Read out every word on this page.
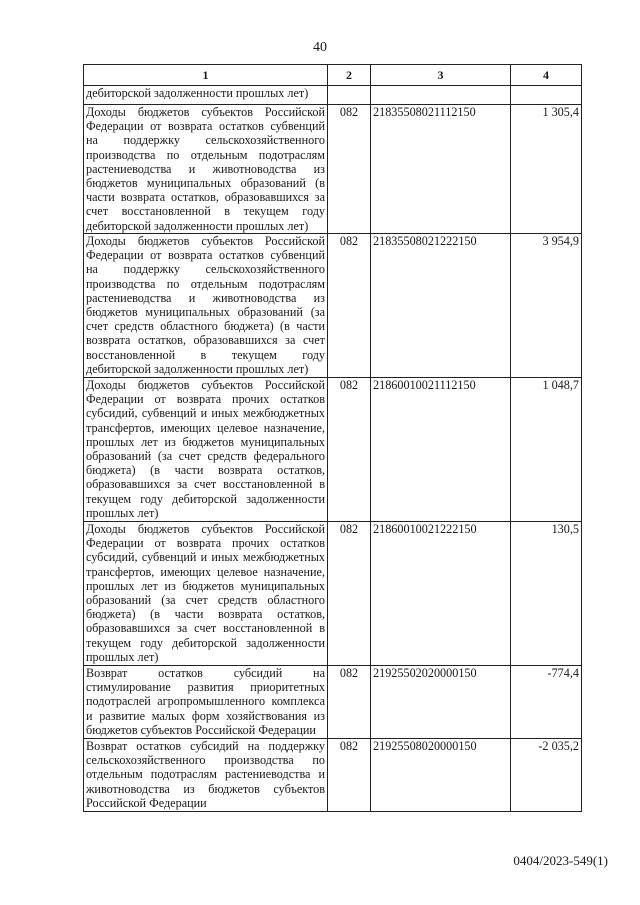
40
1	2	3	4
дебиторской задолженности прошлых лет)			
Доходы бюджетов субъектов Российской Федерации от возврата остатков субвенций на поддержку сельскохозяйственного производства по отдельным подотраслям растениеводства и животноводства из бюджетов муниципальных образований (в части возврата остатков, образовавшихся за счет восстановленной в текущем году дебиторской задолженности прошлых лет)	082	21835508021112150	1 305,4
Доходы бюджетов субъектов Российской Федерации от возврата остатков субвенций на поддержку сельскохозяйственного производства по отдельным подотраслям растениеводства и животноводства из бюджетов муниципальных образований (за счет средств областного бюджета) (в части возврата остатков, образовавшихся за счет восстановленной в текущем году дебиторской задолженности прошлых лет)	082	21835508021222150	3 954,9
Доходы бюджетов субъектов Российской Федерации от возврата прочих остатков субсидий, субвенций и иных межбюджетных трансфертов, имеющих целевое назначение, прошлых лет из бюджетов муниципальных образований (за счет средств федерального бюджета) (в части возврата остатков, образовавшихся за счет восстановленной в текущем году дебиторской задолженности прошлых лет)	082	21860010021112150	1 048,7
Доходы бюджетов субъектов Российской Федерации от возврата прочих остатков субсидий, субвенций и иных межбюджетных трансфертов, имеющих целевое назначение, прошлых лет из бюджетов муниципальных образований (за счет средств областного бюджета) (в части возврата остатков, образовавшихся за счет восстановленной в текущем году дебиторской задолженности прошлых лет)	082	21860010021222150	130,5
Возврат остатков субсидий на стимулирование развития приоритетных подотраслей агропромышленного комплекса и развитие малых форм хозяйствования из бюджетов субъектов Российской Федерации	082	21925502020000150	-774,4
Возврат остатков субсидий на поддержку сельскохозяйственного производства по отдельным подотраслям растениеводства и животноводства из бюджетов субъектов Российской Федерации	082	21925508020000150	-2 035,2
0404/2023-549(1)
